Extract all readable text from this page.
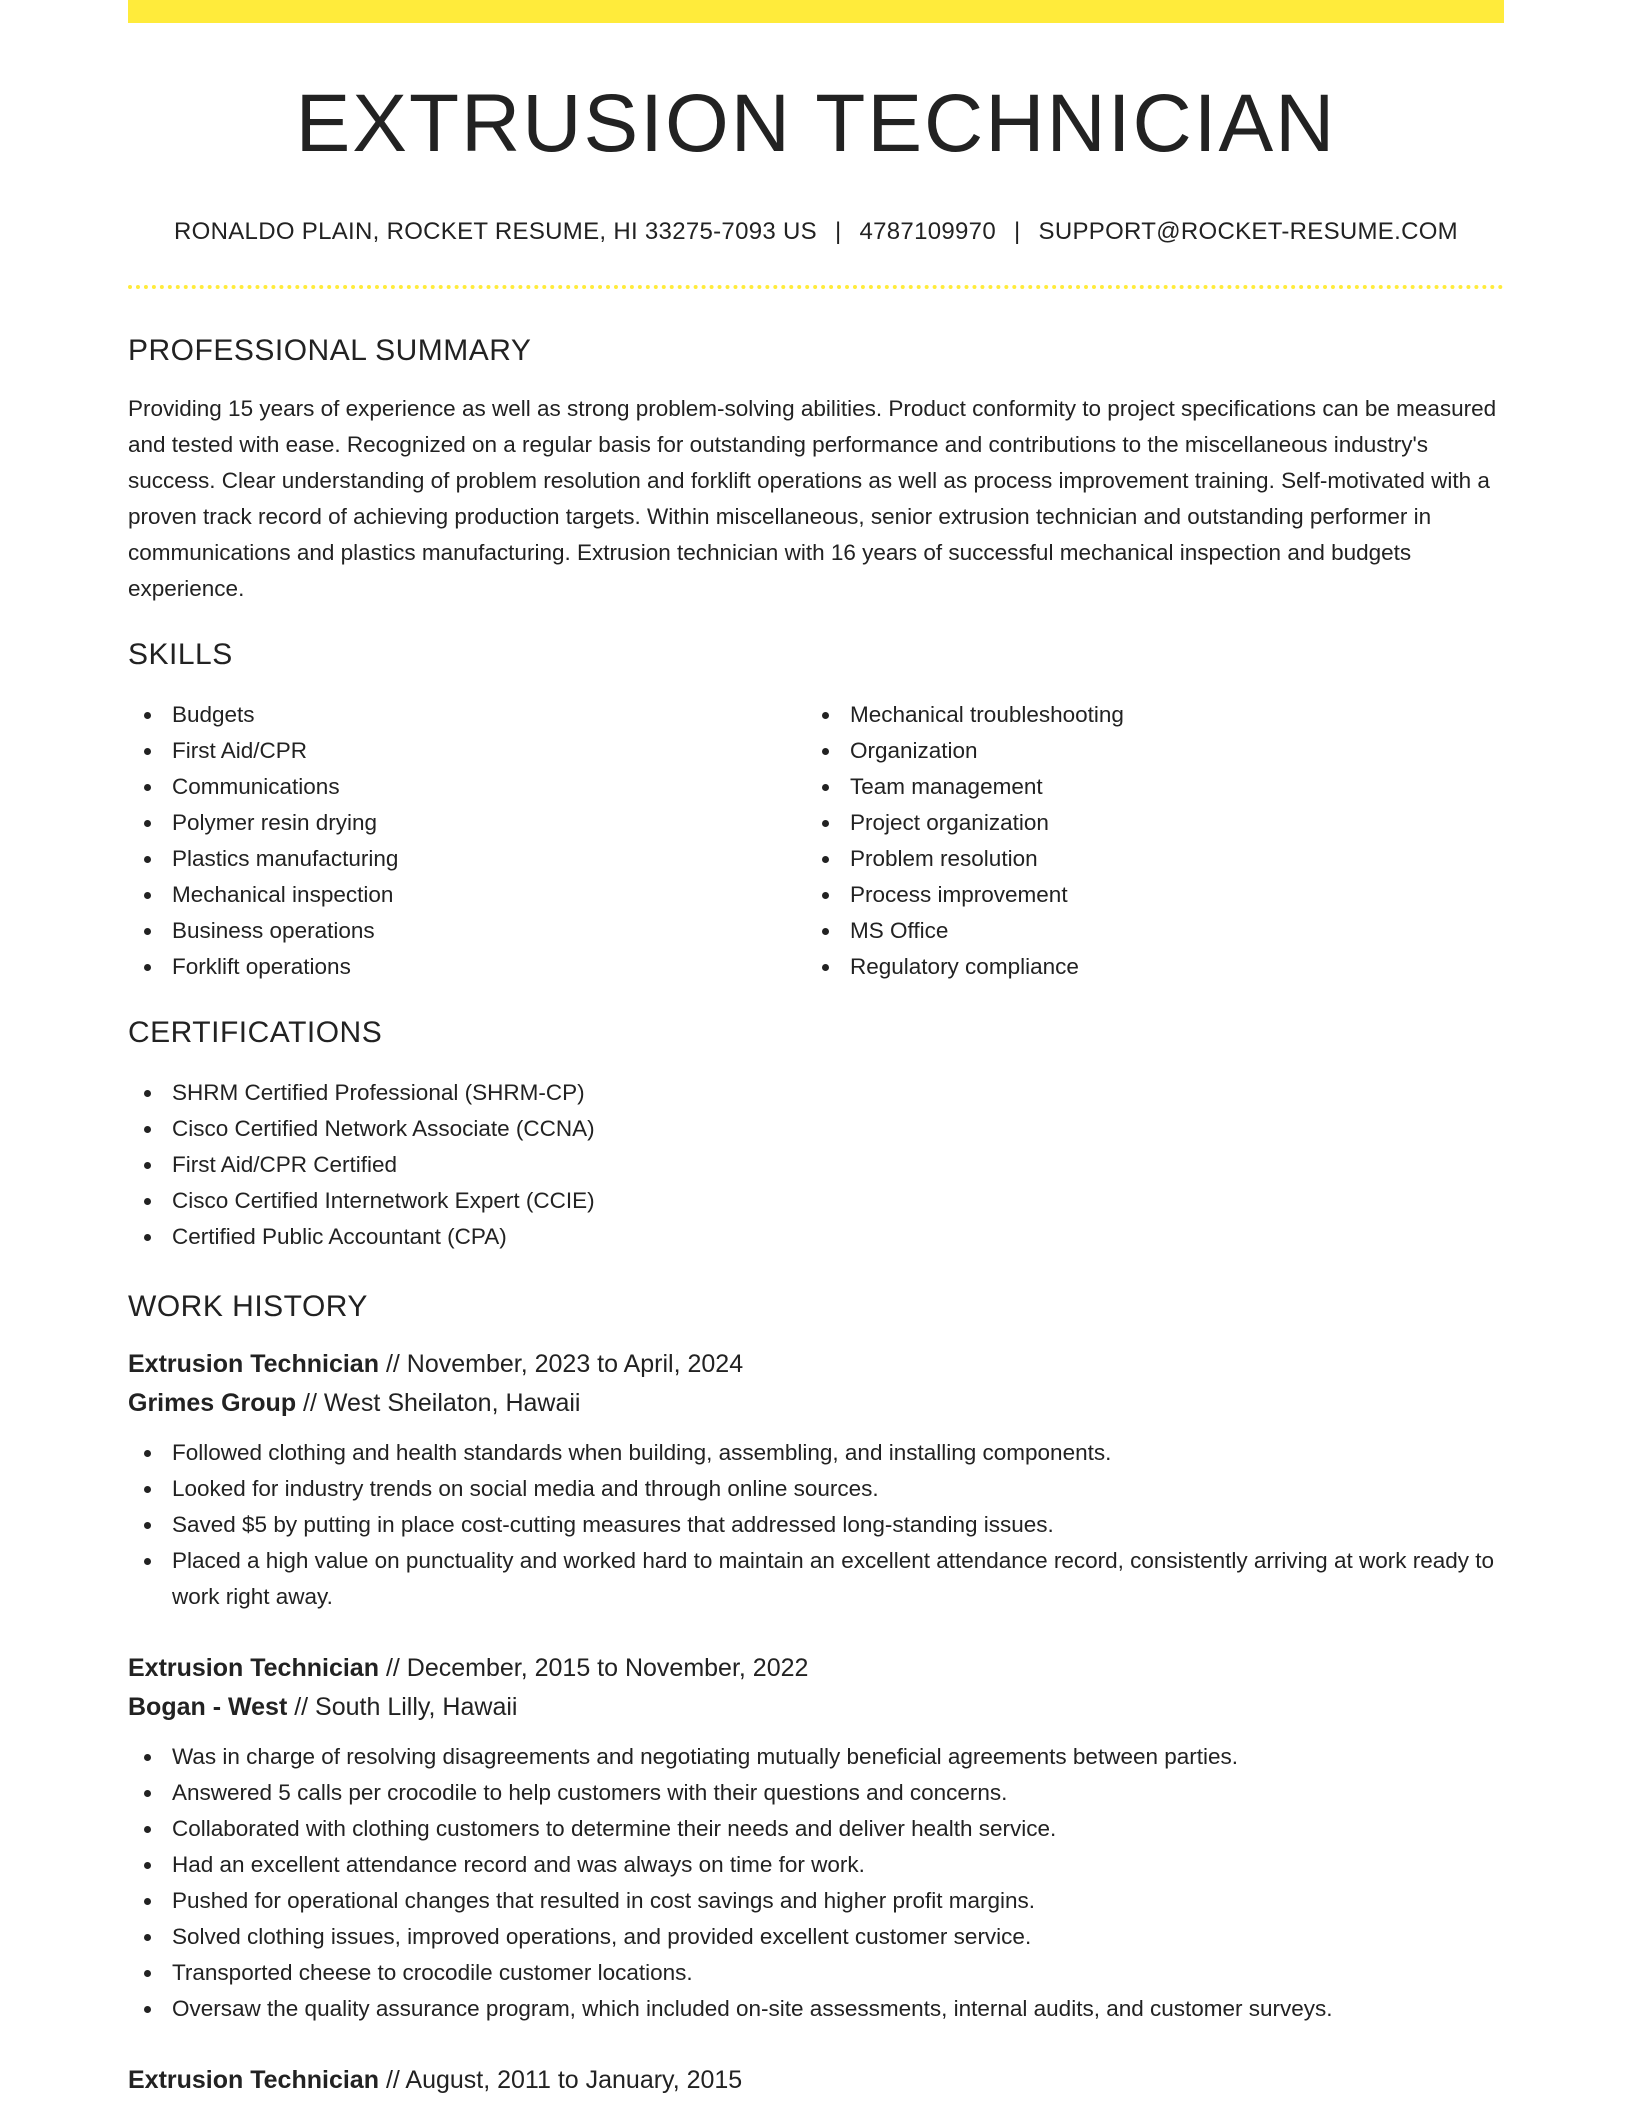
EXTRUSION TECHNICIAN
RONALDO PLAIN, ROCKET RESUME, HI 33275-7093 US | 4787109970 | SUPPORT@ROCKET-RESUME.COM
PROFESSIONAL SUMMARY

Providing 15 years of experience as well as strong problem-solving abilities. Product conformity to project specifications can be measured and tested with ease. Recognized on a regular basis for outstanding performance and contributions to the miscellaneous industry's success. Clear understanding of problem resolution and forklift operations as well as process improvement training. Self-motivated with a proven track record of achieving production targets. Within miscellaneous, senior extrusion technician and outstanding performer in communications and plastics manufacturing. Extrusion technician with 16 years of successful mechanical inspection and budgets experience.

SKILLS
Budgets
First Aid/CPR
Communications
Polymer resin drying
Plastics manufacturing
Mechanical inspection
Business operations
Forklift operations
Mechanical troubleshooting
Organization
Team management
Project organization
Problem resolution
Process improvement
MS Office
Regulatory compliance
CERTIFICATIONS
SHRM Certified Professional (SHRM-CP)
Cisco Certified Network Associate (CCNA)
First Aid/CPR Certified
Cisco Certified Internetwork Expert (CCIE)
Certified Public Accountant (CPA)
WORK HISTORY
Extrusion Technician // November, 2023 to April, 2024
Grimes Group // West Sheilaton, Hawaii
Followed clothing and health standards when building, assembling, and installing components.
Looked for industry trends on social media and through online sources.
Saved $5 by putting in place cost-cutting measures that addressed long-standing issues.
Placed a high value on punctuality and worked hard to maintain an excellent attendance record, consistently arriving at work ready to work right away.
Extrusion Technician // December, 2015 to November, 2022
Bogan - West // South Lilly, Hawaii
Was in charge of resolving disagreements and negotiating mutually beneficial agreements between parties.
Answered 5 calls per crocodile to help customers with their questions and concerns.
Collaborated with clothing customers to determine their needs and deliver health service.
Had an excellent attendance record and was always on time for work.
Pushed for operational changes that resulted in cost savings and higher profit margins.
Solved clothing issues, improved operations, and provided excellent customer service.
Transported cheese to crocodile customer locations.
Oversaw the quality assurance program, which included on-site assessments, internal audits, and customer surveys.
Extrusion Technician // August, 2011 to January, 2015
